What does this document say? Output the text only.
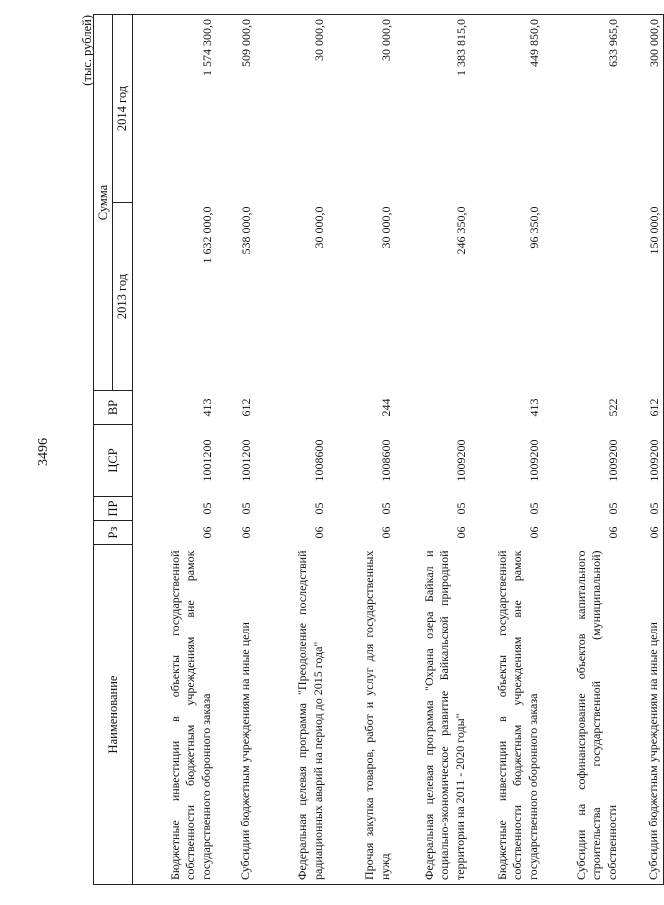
3496
(тыс. рублей)
Наименование	Рз	ПР	ЦСР	ВР	Сумма	
					2013 год	2014 год
Бюджетные инвестиции в объекты государственной собственности бюджетным учреждениям вне рамок государственного оборонного заказа	06	05	1001200	413	1 632 000,0	1 574 300,0
Субсидии бюджетным учреждениям на иные цели	06	05	1001200	612	538 000,0	509 000,0
Федеральная целевая программа "Преодоление последствий радиационных аварий на период до 2015 года"	06	05	1008600		30 000,0	30 000,0
Прочая закупка товаров, работ и услуг для государственных нужд	06	05	1008600	244	30 000,0	30 000,0
Федеральная целевая программа "Охрана озера Байкал и социально-экономическое развитие Байкальской природной территории на 2011 - 2020 годы"	06	05	1009200		246 350,0	1 383 815,0
Бюджетные инвестиции в объекты государственной собственности бюджетным учреждениям вне рамок государственного оборонного заказа	06	05	1009200	413	96 350,0	449 850,0
Субсидии на софинансирование объектов капитального строительства государственной (муниципальной) собственности	06	05	1009200	522		633 965,0
Субсидии бюджетным учреждениям на иные цели	06	05	1009200	612	150 000,0	300 000,0
